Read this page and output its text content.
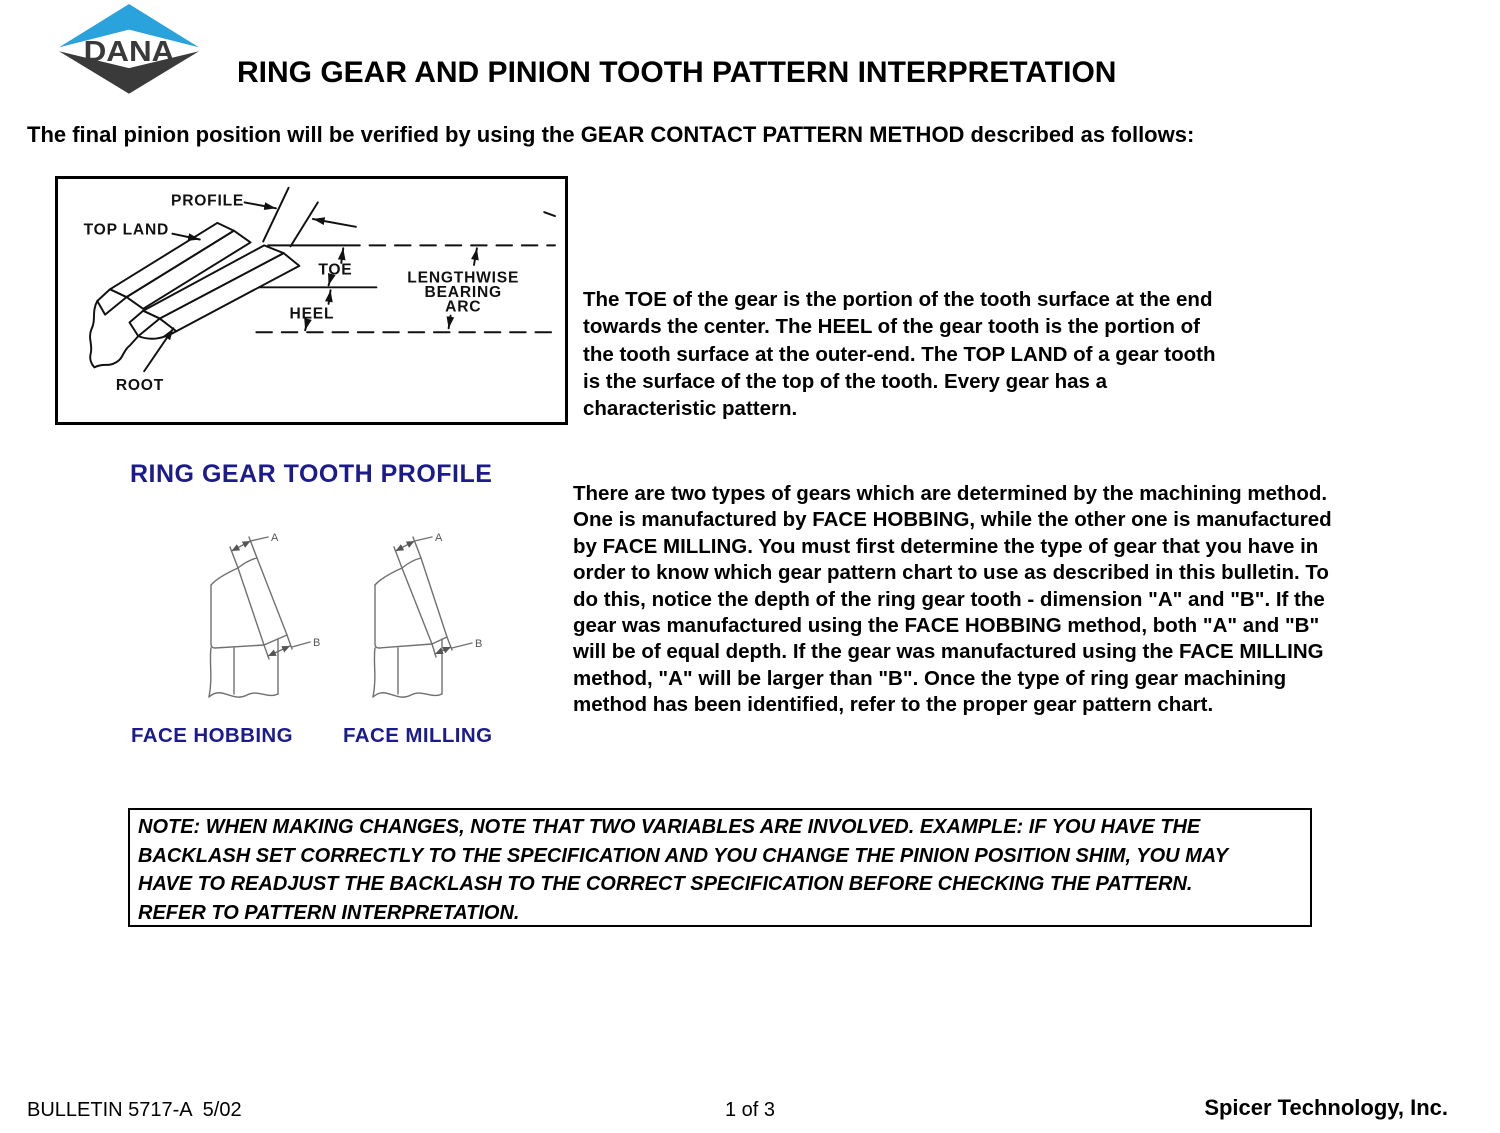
DANA
RING GEAR AND PINION TOOTH PATTERN INTERPRETATION
The final pinion position will be verified by using the GEAR CONTACT PATTERN METHOD described as follows:
PROFILE
TOP LAND
TOE
HEEL
ROOT
LENGTHWISE
BEARING
ARC	The TOE of the gear is the portion of the tooth surface at the end
towards the center. The HEEL of the gear tooth is the portion of
the tooth surface at the outer-end. The TOP LAND of a gear tooth
is the surface of the top of the tooth. Every gear has a
characteristic pattern.
RING GEAR TOOTH PROFILE
A
B
A
B
FACE HOBBING FACE MILLING
There are two types of gears which are determined by the machining method.
One is manufactured by FACE HOBBING, while the other one is manufactured
by FACE MILLING. You must first determine the type of gear that you have in
order to know which gear pattern chart to use as described in this bulletin. To
do this, notice the depth of the ring gear tooth - dimension "A" and "B". If the
gear was manufactured using the FACE HOBBING method, both "A" and "B"
will be of equal depth. If the gear was manufactured using the FACE MILLING
method, "A" will be larger than "B". Once the type of ring gear machining
method has been identified, refer to the proper gear pattern chart.
NOTE: WHEN MAKING CHANGES, NOTE THAT TWO VARIABLES ARE INVOLVED. EXAMPLE: IF YOU HAVE THE
BACKLASH SET CORRECTLY TO THE SPECIFICATION AND YOU CHANGE THE PINION POSITION SHIM, YOU MAY
HAVE TO READJUST THE BACKLASH TO THE CORRECT SPECIFICATION BEFORE CHECKING THE PATTERN.
REFER TO PATTERN INTERPRETATION.
BULLETIN 5717-A  5/02	1 of 3	Spicer Technology, Inc.
